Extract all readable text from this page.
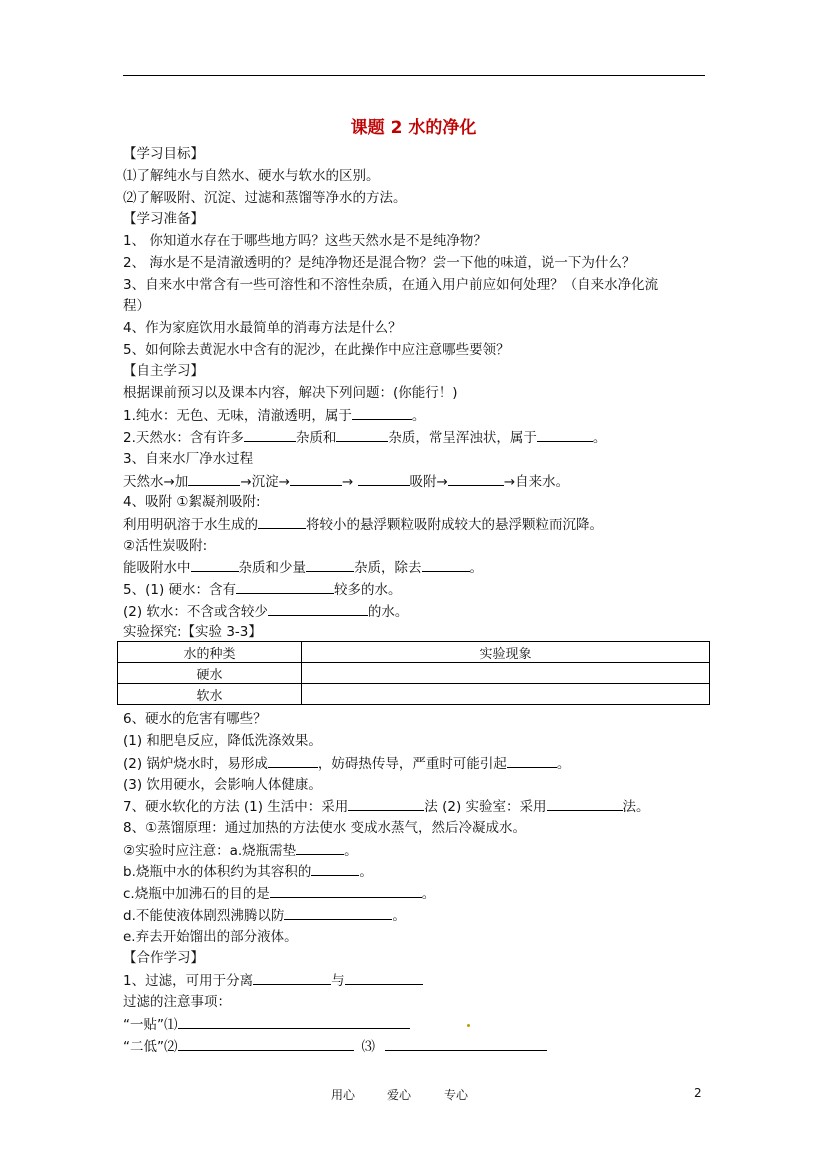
课题 2 水的净化
【学习目标】
⑴了解纯水与自然水、硬水与软水的区别。
⑵了解吸附、沉淀、过滤和蒸馏等净水的方法。
【学习准备】
1、 你知道水存在于哪些地方吗？这些天然水是不是纯净物？
2、 海水是不是清澈透明的？是纯净物还是混合物？尝一下他的味道，说一下为什么？
3、自来水中常含有一些可溶性和不溶性杂质，在通入用户前应如何处理？（自来水净化流
程）
4、作为家庭饮用水最简单的消毒方法是什么？
5、如何除去黄泥水中含有的泥沙，在此操作中应注意哪些要领？
【自主学习】
根据课前预习以及课本内容，解决下列问题：(你能行！)
1.纯水：无色、无味，清澈透明，属于	。
2.天然水：含有许多	杂质和	杂质，常呈浑浊状，属于	。
3、自来水厂净水过程
天然水→加	→沉淀→	→	吸附→	→自来水。
4、吸附 ①絮凝剂吸附:
利用明矾溶于水生成的	将较小的悬浮颗粒吸附成较大的悬浮颗粒而沉降。
②活性炭吸附:
能吸附水中	杂质和少量	杂质，除去	。
5、(1) 硬水：含有	较多的水。
(2) 软水：不含或含较少	的水。
实验探究:【实验 3-3】
水的种类	实验现象
硬水	
软水	
6、硬水的危害有哪些？
(1) 和肥皂反应，降低洗涤效果。
(2) 锅炉烧水时，易形成	，妨碍热传导，严重时可能引起	。
(3) 饮用硬水，会影响人体健康。
7、硬水软化的方法 (1) 生活中：采用	法 (2) 实验室：采用	法。
8、①蒸馏原理：通过加热的方法使水 变成水蒸气，然后冷凝成水。
②实验时应注意：a.烧瓶需垫	。
b.烧瓶中水的体积约为其容积的	。
c.烧瓶中加沸石的目的是	。
d.不能使液体剧烈沸腾以防	。
e.弃去开始馏出的部分液体。
【合作学习】
1、过滤，可用于分离	与
过滤的注意事项：
“一贴”⑴
“二低”⑵	⑶
用心	爱心	专心	2
